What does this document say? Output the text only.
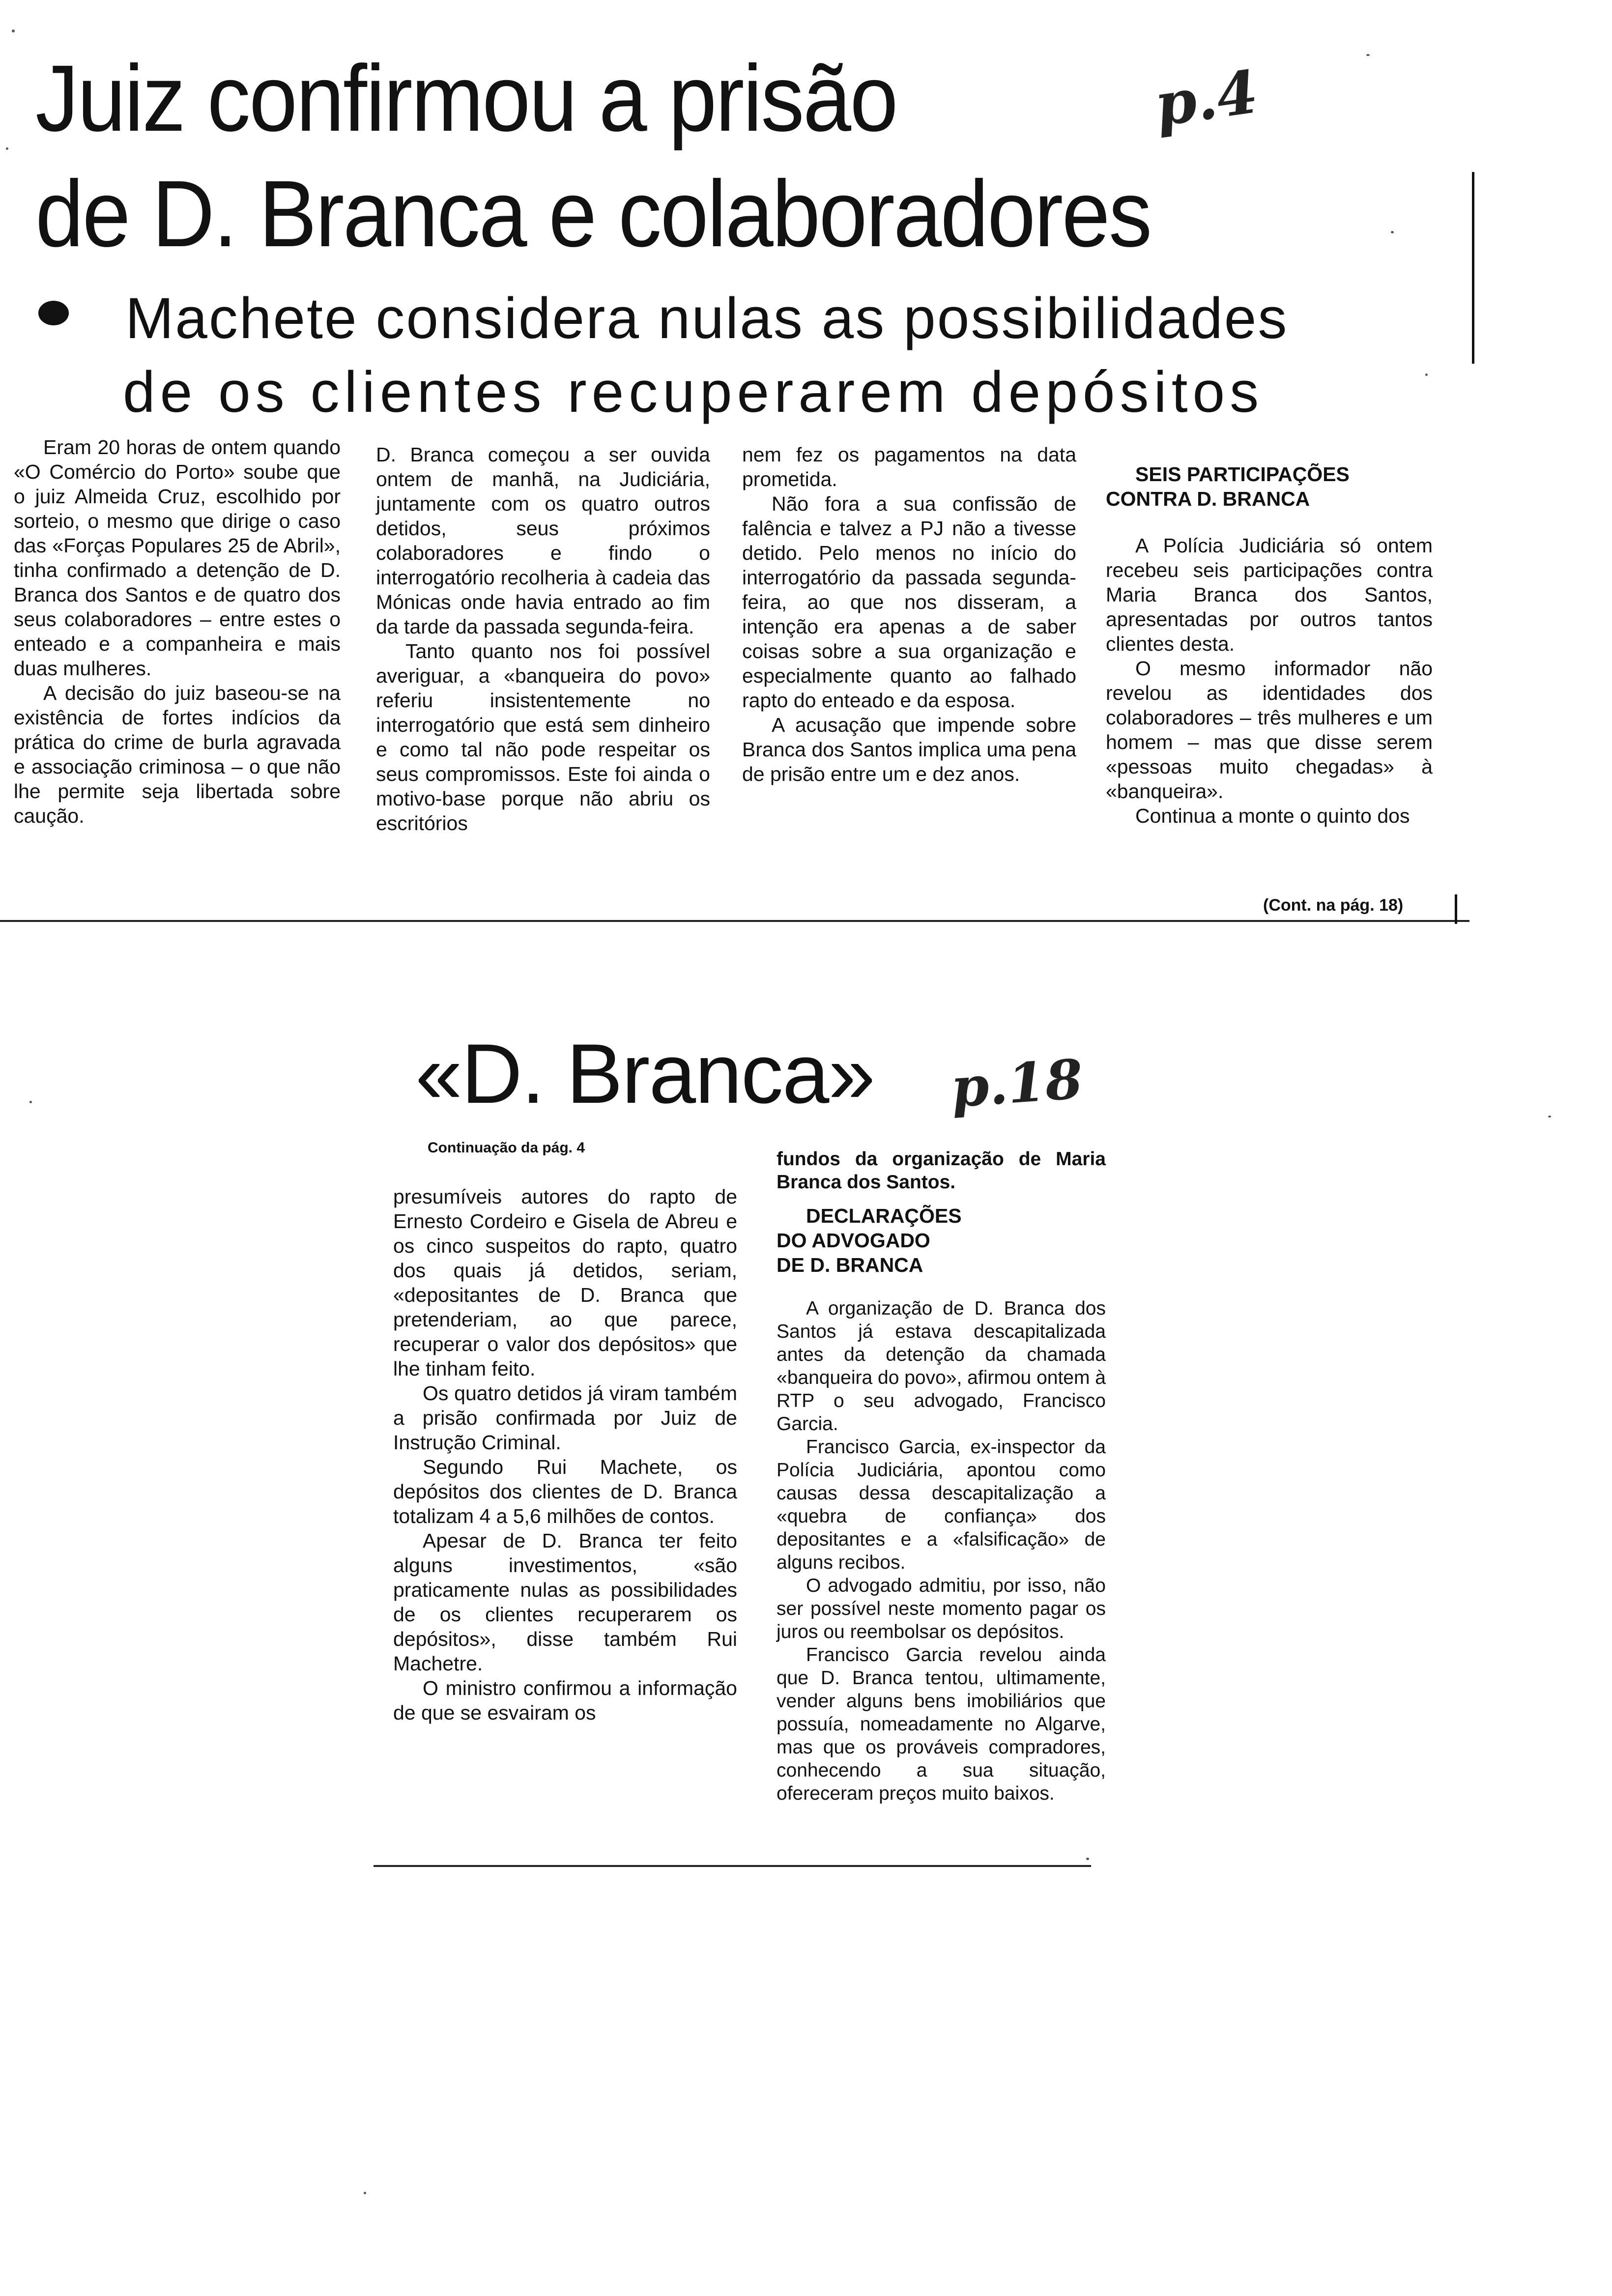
Juiz confirmou a prisão	p.4
de D. Branca e colaboradores
Machete considera nulas as possibilidades
de os clientes recuperarem depósitos

Eram 20 horas de ontem quando «O Comércio do Porto» soube que o juiz Almeida Cruz, escolhido por sorteio, o mesmo que dirige o caso das «Forças Populares 25 de Abril», tinha confirmado a detenção de D. Branca dos Santos e de quatro dos seus colaboradores – entre estes o enteado e a companheira e mais duas mulheres.

A decisão do juiz baseou-se na existência de fortes indícios da prática do crime de burla agravada e associação criminosa – o que não lhe permite seja libertada sobre caução.

D. Branca começou a ser ouvida ontem de manhã, na Judiciária, juntamente com os quatro outros detidos, seus próximos colaboradores e findo o interrogatório recolheria à cadeia das Mónicas onde havia entrado ao fim da tarde da passada segunda-feira.

Tanto quanto nos foi possível averiguar, a «banqueira do povo» referiu insistentemente no interrogatório que está sem dinheiro e como tal não pode respeitar os seus compromissos. Este foi ainda o motivo-base porque não abriu os escritórios

nem fez os pagamentos na data prometida.

Não fora a sua confissão de falência e talvez a PJ não a tivesse detido. Pelo menos no início do interrogatório da passada segunda-feira, ao que nos disseram, a intenção era apenas a de saber coisas sobre a sua organização e especialmente quanto ao falhado rapto do enteado e da esposa.

A acusação que impende sobre Branca dos Santos implica uma pena de prisão entre um e dez anos.

SEIS PARTICIPAÇÕES CONTRA D. BRANCA

A Polícia Judiciária só ontem recebeu seis participações contra Maria Branca dos Santos, apresentadas por outros tantos clientes desta.

O mesmo informador não revelou as identidades dos colaboradores – três mulheres e um homem – mas que disse serem «pessoas muito chegadas» à «banqueira».

Continua a monte o quinto dos

(Cont. na pág. 18)
«D. Branca» p.18
Continuação da pág. 4

presumíveis autores do rapto de Ernesto Cordeiro e Gisela de Abreu e os cinco suspeitos do rapto, quatro dos quais já detidos, seriam, «depositantes de D. Branca que pretenderiam, ao que parece, recuperar o valor dos depósitos» que lhe tinham feito.

Os quatro detidos já viram também a prisão confirmada por Juiz de Instrução Criminal.

Segundo Rui Machete, os depósitos dos clientes de D. Branca totalizam 4 a 5,6 milhões de contos.

Apesar de D. Branca ter feito alguns investimentos, «são praticamente nulas as possibilidades de os clientes recuperarem os depósitos», disse também Rui Machetre.

O ministro confirmou a informação de que se esvairam os

fundos da organização de Maria Branca dos Santos.

DECLARAÇÕES DO ADVOGADO DE D. BRANCA

A organização de D. Branca dos Santos já estava descapitalizada antes da detenção da chamada «banqueira do povo», afirmou ontem à RTP o seu advogado, Francisco Garcia.

Francisco Garcia, ex-inspector da Polícia Judiciária, apontou como causas dessa descapitalização a «quebra de confiança» dos depositantes e a «falsificação» de alguns recibos.

O advogado admitiu, por isso, não ser possível neste momento pagar os juros ou reembolsar os depósitos.

Francisco Garcia revelou ainda que D. Branca tentou, ultimamente, vender alguns bens imobiliários que possuía, nomeadamente no Algarve, mas que os prováveis compradores, conhecendo a sua situação, ofereceram preços muito baixos.
